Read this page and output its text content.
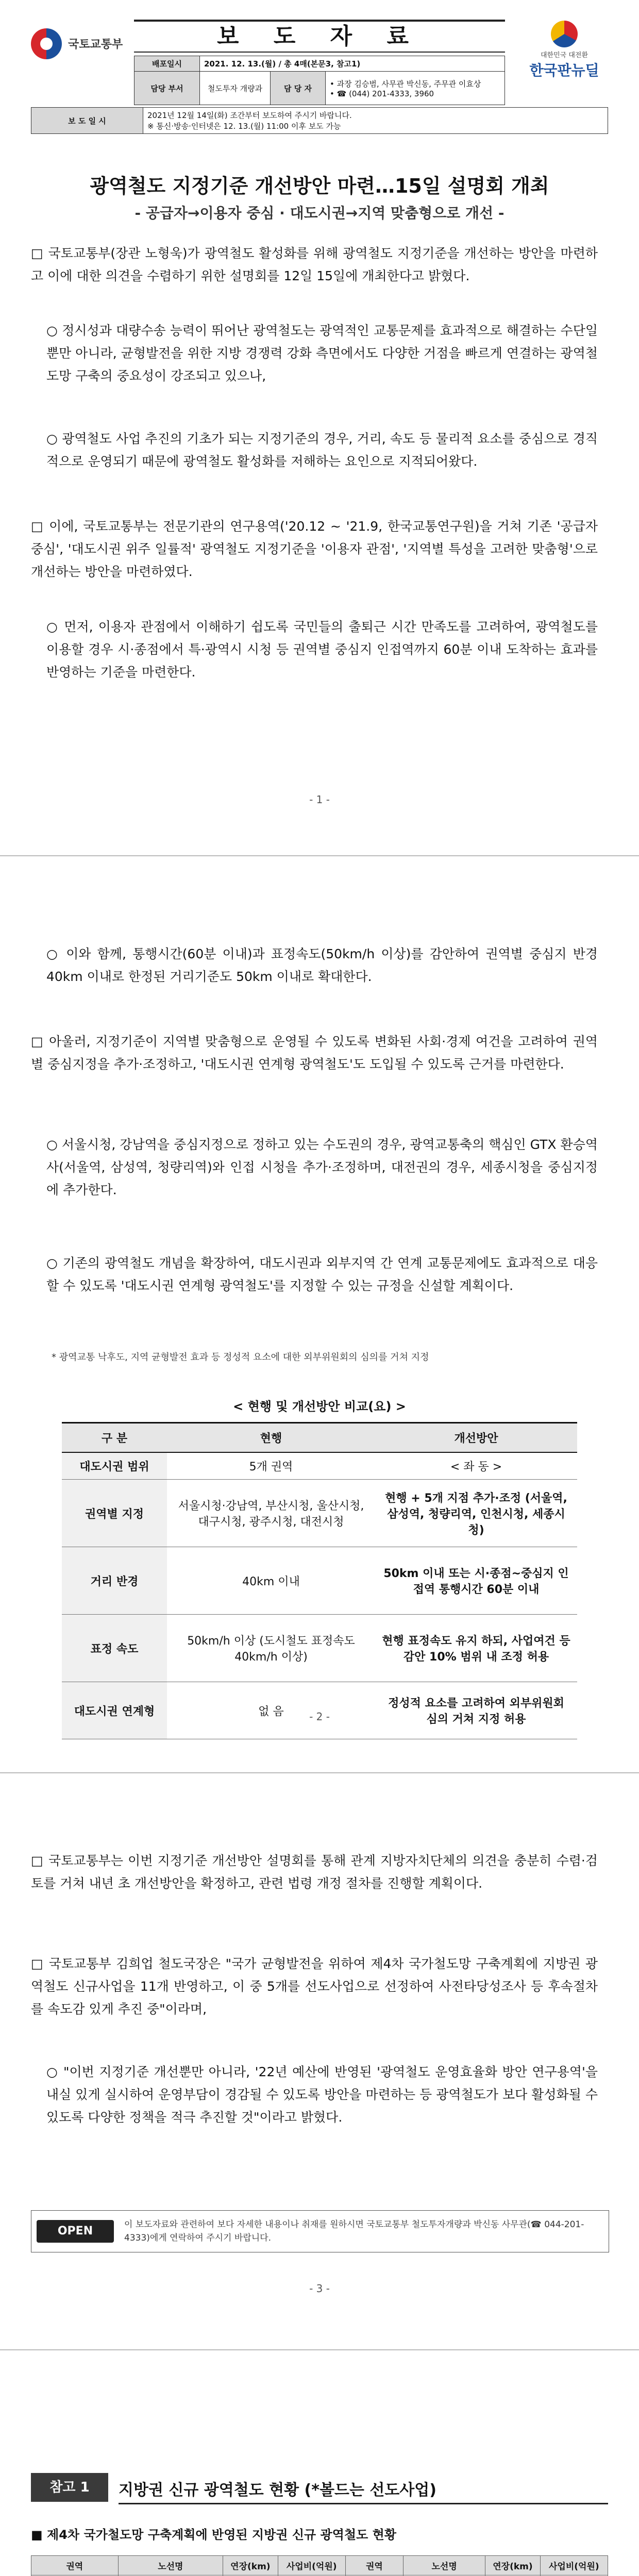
국토교통부	보 도 자 료
대한민국 대전환
한국판뉴딜
배포일시	2021. 12. 13.(월) / 총 4매(본문3, 참고1)		
담당 부서	철도투자 개량과	담 당 자	• 과장 김승범, 사무관 박신동, 주무관 이효상
• ☎ (044) 201-4333, 3960
보 도 일 시	
2021년 12월 14일(화) 조간부터 보도하여 주시기 바랍니다.
※ 통신·방송·인터넷은 12. 13.(월) 11:00 이후 보도 가능
광역철도 지정기준 개선방안 마련…15일 설명회 개최
- 공급자→이용자 중심 · 대도시권→지역 맞춤형으로 개선 -
□ 국토교통부(장관 노형욱)가 광역철도 활성화를 위해 광역철도 지정기준을 개선하는 방안을 마련하고 이에 대한 의견을 수렴하기 위한 설명회를 12일 15일에 개최한다고 밝혔다.
○ 정시성과 대량수송 능력이 뛰어난 광역철도는 광역적인 교통문제를 효과적으로 해결하는 수단일 뿐만 아니라, 균형발전을 위한 지방 경쟁력 강화 측면에서도 다양한 거점을 빠르게 연결하는 광역철도망 구축의 중요성이 강조되고 있으나,
○ 광역철도 사업 추진의 기초가 되는 지정기준의 경우, 거리, 속도 등 물리적 요소를 중심으로 경직적으로 운영되기 때문에 광역철도 활성화를 저해하는 요인으로 지적되어왔다.
□ 이에, 국토교통부는 전문기관의 연구용역('20.12 ~ '21.9, 한국교통연구원)을 거쳐 기존 '공급자 중심', '대도시권 위주 일률적' 광역철도 지정기준을 '이용자 관점', '지역별 특성을 고려한 맞춤형'으로 개선하는 방안을 마련하였다.
○ 먼저, 이용자 관점에서 이해하기 쉽도록 국민들의 출퇴근 시간 만족도를 고려하여, 광역철도를 이용할 경우 시·종점에서 특·광역시 시청 등 권역별 중심지 인접역까지 60분 이내 도착하는 효과를 반영하는 기준을 마련한다.
- 1 -
○ 이와 함께, 통행시간(60분 이내)과 표정속도(50km/h 이상)를 감안하여 권역별 중심지 반경 40km 이내로 한정된 거리기준도 50km 이내로 확대한다.
□ 아울러, 지정기준이 지역별 맞춤형으로 운영될 수 있도록 변화된 사회·경제 여건을 고려하여 권역별 중심지정을 추가·조정하고, '대도시권 연계형 광역철도'도 도입될 수 있도록 근거를 마련한다.
○ 서울시청, 강남역을 중심지정으로 정하고 있는 수도권의 경우, 광역교통축의 핵심인 GTX 환승역사(서울역, 삼성역, 청량리역)와 인접 시청을 추가·조정하며, 대전권의 경우, 세종시청을 중심지정에 추가한다.
○ 기존의 광역철도 개념을 확장하여, 대도시권과 외부지역 간 연계 교통문제에도 효과적으로 대응할 수 있도록 '대도시권 연계형 광역철도'를 지정할 수 있는 규정을 신설할 계획이다.
* 광역교통 낙후도, 지역 균형발전 효과 등 정성적 요소에 대한 외부위원회의 심의를 거쳐 지정
< 현행 및 개선방안 비교(요) >
구 분	현행	개선방안
대도시권 범위	5개 권역	< 좌 동 >
권역별 지정	서울시청·강남역, 부산시청, 울산시청, 대구시청, 광주시청, 대전시청	현행 + 5개 지점 추가·조정 (서울역, 삼성역, 청량리역, 인천시청, 세종시청)
거리 반경	40km 이내	50km 이내 또는 시·종점~중심지 인접역 통행시간 60분 이내
표정 속도	50km/h 이상 (도시철도 표정속도 40km/h 이상)	현행 표정속도 유지 하되, 사업여건 등 감안 10% 범위 내 조정 허용
대도시권 연계형	없 음	정성적 요소를 고려하여 외부위원회 심의 거쳐 지정 허용
- 2 -
□ 국토교통부는 이번 지정기준 개선방안 설명회를 통해 관계 지방자치단체의 의견을 충분히 수렴·검토를 거쳐 내년 초 개선방안을 확정하고, 관련 법령 개정 절차를 진행할 계획이다.
□ 국토교통부 김희업 철도국장은 "국가 균형발전을 위하여 제4차 국가철도망 구축계획에 지방권 광역철도 신규사업을 11개 반영하고, 이 중 5개를 선도사업으로 선정하여 사전타당성조사 등 후속절차를 속도감 있게 추진 중"이라며,
○ "이번 지정기준 개선뿐만 아니라, '22년 예산에 반영된 '광역철도 운영효율화 방안 연구용역'을 내실 있게 실시하여 운영부담이 경감될 수 있도록 방안을 마련하는 등 광역철도가 보다 활성화될 수 있도록 다양한 정책을 적극 추진할 것"이라고 밝혔다.
OPEN	이 보도자료와 관련하여 보다 자세한 내용이나 취재를 원하시면 국토교통부 철도투자개량과 박신동 사무관(☎ 044-201-4333)에게 연락하여 주시기 바랍니다.
- 3 -
참고 1	지방권 신규 광역철도 현황 (*볼드는 선도사업)
■ 제4차 국가철도망 구축계획에 반영된 지방권 신규 광역철도 현황
권역	노선명	연장(km)	사업비(억원)	권역	노선명	연장(km)	사업비(억원)
